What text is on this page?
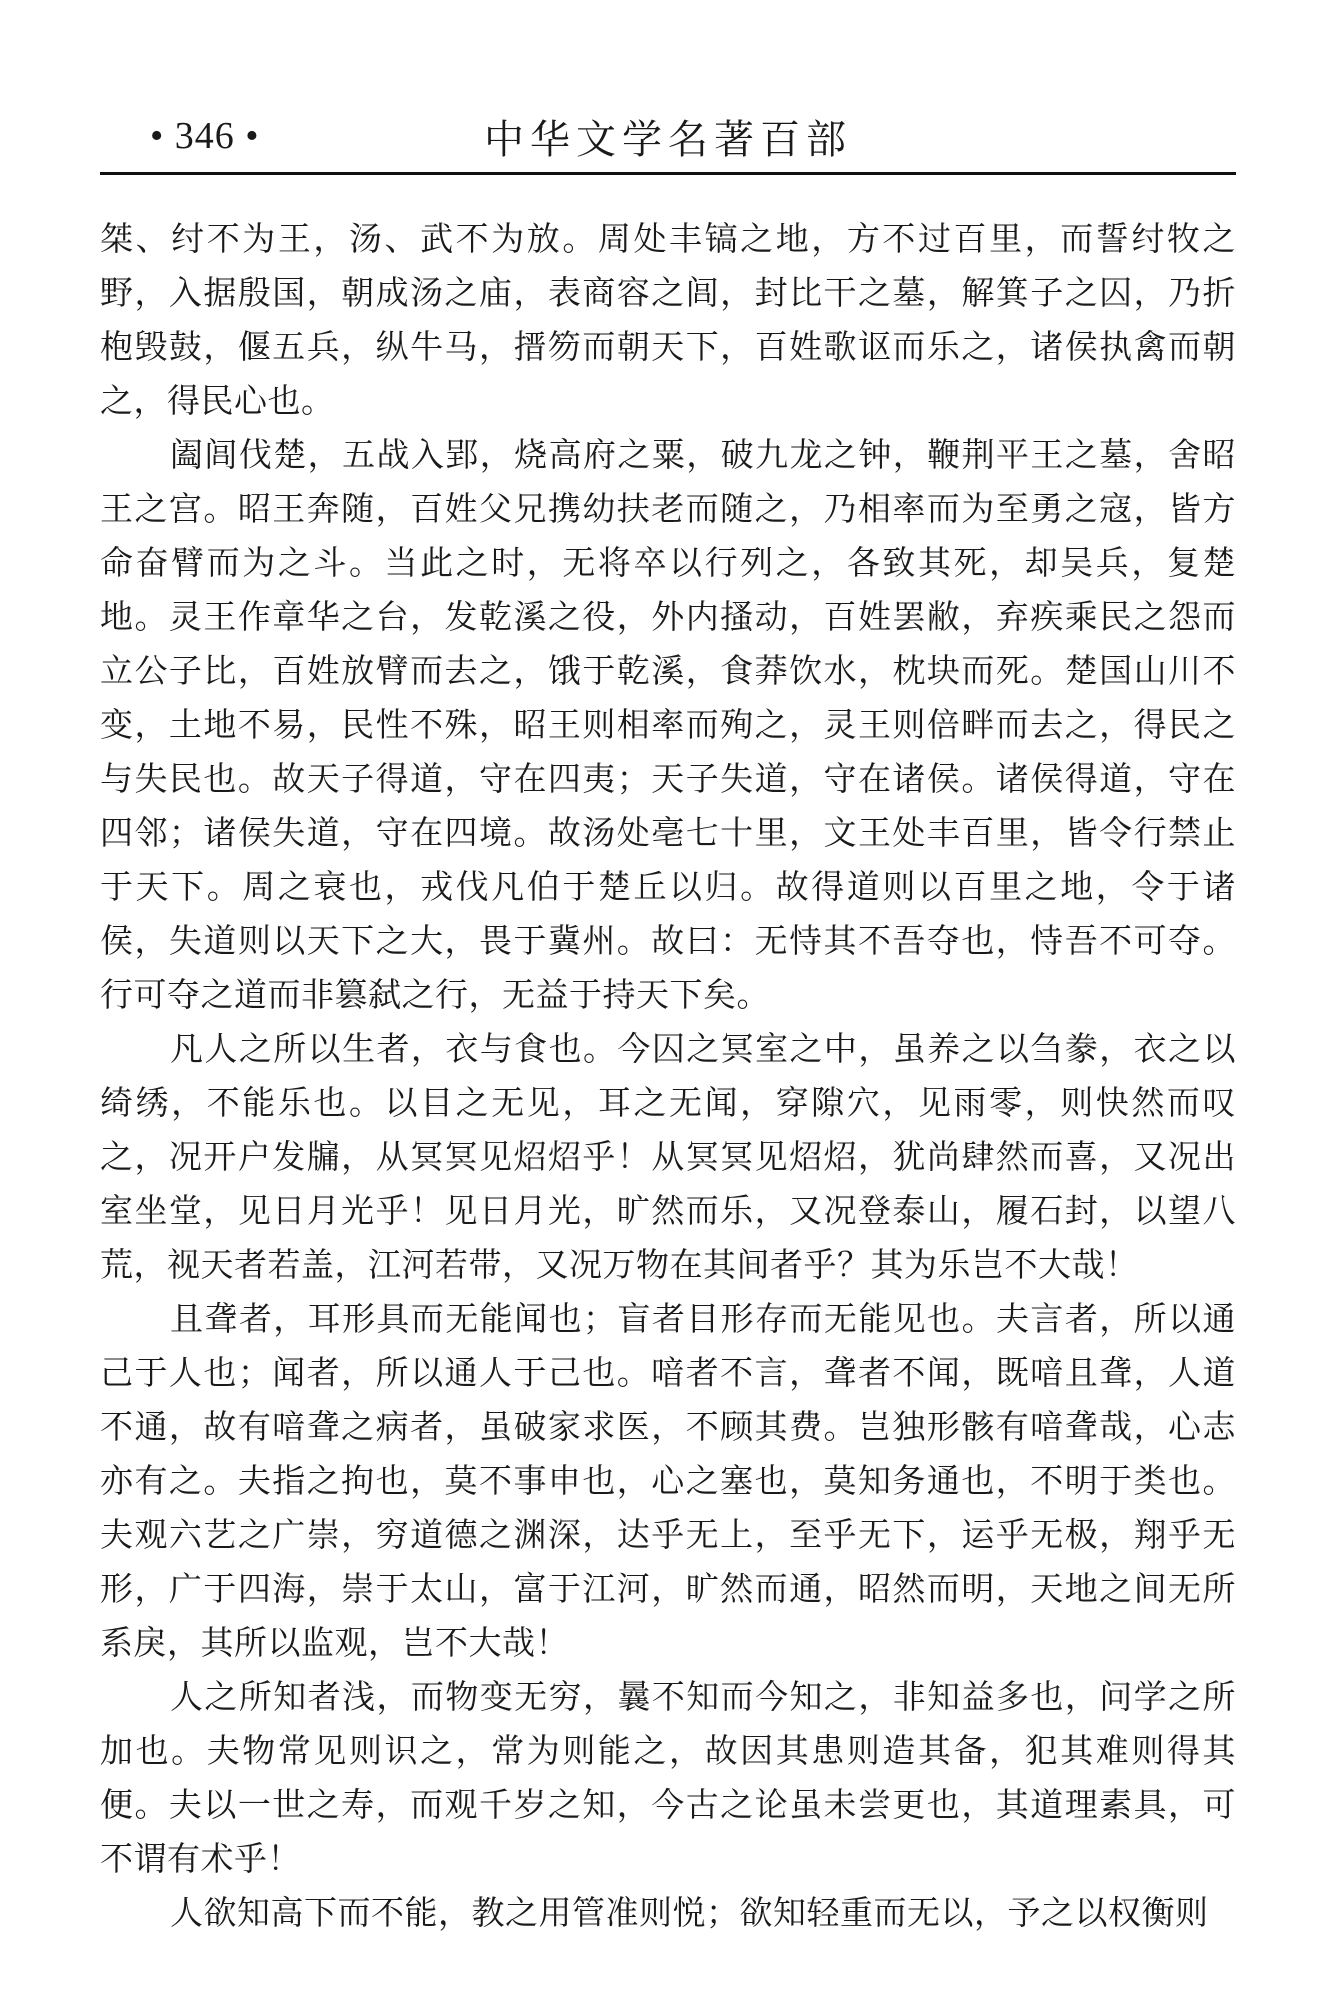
• 346 •	中华文学名著百部

桀、纣不为王，汤、武不为放。周处丰镐之地，方不过百里，而誓纣牧之野，入据殷国，朝成汤之庙，表商容之闾，封比干之墓，解箕子之囚，乃折枹毁鼓，偃五兵，纵牛马，搢笏而朝天下，百姓歌讴而乐之，诸侯执禽而朝之，得民心也。

阖闾伐楚，五战入郢，烧高府之粟，破九龙之钟，鞭荆平王之墓，舍昭王之宫。昭王奔随，百姓父兄携幼扶老而随之，乃相率而为至勇之寇，皆方命奋臂而为之斗。当此之时，无将卒以行列之，各致其死，却吴兵，复楚地。灵王作章华之台，发乾溪之役，外内搔动，百姓罢敝，弃疾乘民之怨而立公子比，百姓放臂而去之，饿于乾溪，食莽饮水，枕块而死。楚国山川不变，土地不易，民性不殊，昭王则相率而殉之，灵王则倍畔而去之，得民之与失民也。故天子得道，守在四夷；天子失道，守在诸侯。诸侯得道，守在四邻；诸侯失道，守在四境。故汤处亳七十里，文王处丰百里，皆令行禁止于天下。周之衰也，戎伐凡伯于楚丘以归。故得道则以百里之地，令于诸侯，失道则以天下之大，畏于冀州。故曰：无恃其不吾夺也，恃吾不可夺。行可夺之道而非篡弑之行，无益于持天下矣。

凡人之所以生者，衣与食也。今囚之冥室之中，虽养之以刍豢，衣之以绮绣，不能乐也。以目之无见，耳之无闻，穿隙穴，见雨零，则快然而叹之，况开户发牖，从冥冥见炤炤乎！从冥冥见炤炤，犹尚肆然而喜，又况出室坐堂，见日月光乎！见日月光，旷然而乐，又况登泰山，履石封，以望八荒，视天者若盖，江河若带，又况万物在其间者乎？其为乐岂不大哉！

且聋者，耳形具而无能闻也；盲者目形存而无能见也。夫言者，所以通己于人也；闻者，所以通人于己也。喑者不言，聋者不闻，既喑且聋，人道不通，故有喑聋之病者，虽破家求医，不顾其费。岂独形骸有喑聋哉，心志亦有之。夫指之拘也，莫不事申也，心之塞也，莫知务通也，不明于类也。夫观六艺之广崇，穷道德之渊深，达乎无上，至乎无下，运乎无极，翔乎无形，广于四海，崇于太山，富于江河，旷然而通，昭然而明，天地之间无所系戾，其所以监观，岂不大哉！

人之所知者浅，而物变无穷，曩不知而今知之，非知益多也，问学之所加也。夫物常见则识之，常为则能之，故因其患则造其备，犯其难则得其便。夫以一世之寿，而观千岁之知，今古之论虽未尝更也，其道理素具，可不谓有术乎！

人欲知高下而不能，教之用管准则悦；欲知轻重而无以，予之以权衡则
